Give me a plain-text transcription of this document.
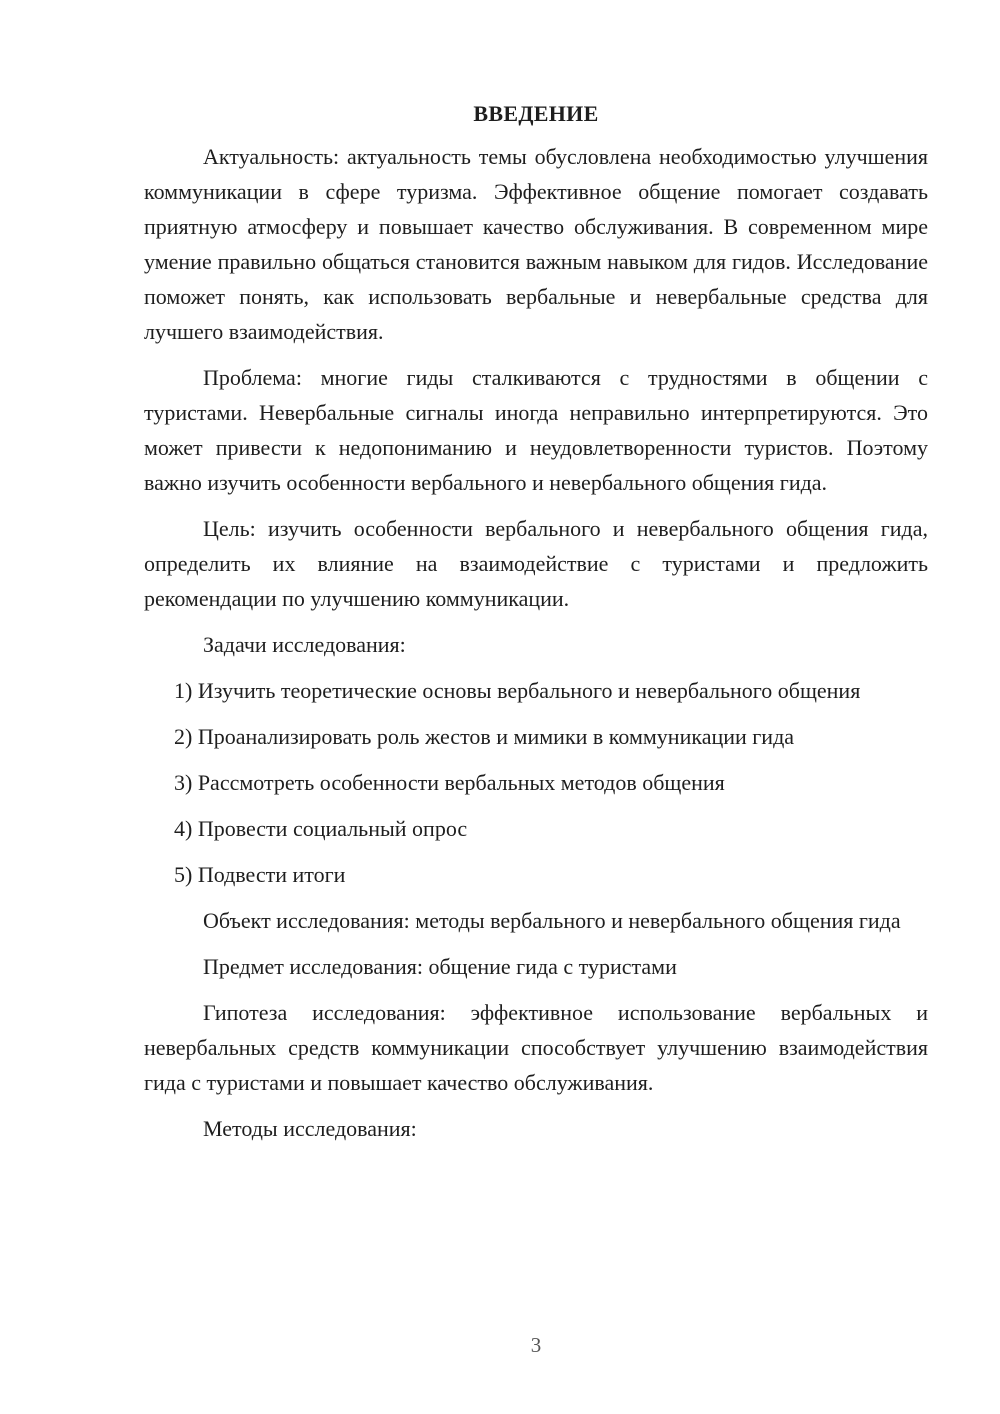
ВВЕДЕНИЕ

Актуальность: актуальность темы обусловлена необходимостью улучшения коммуникации в сфере туризма. Эффективное общение помогает создавать приятную атмосферу и повышает качество обслуживания. В современном мире умение правильно общаться становится важным навыком для гидов. Исследование поможет понять, как использовать вербальные и невербальные средства для лучшего взаимодействия.

Проблема: многие гиды сталкиваются с трудностями в общении с туристами. Невербальные сигналы иногда неправильно интерпретируются. Это может привести к недопониманию и неудовлетворенности туристов. Поэтому важно изучить особенности вербального и невербального общения гида.

Цель: изучить особенности вербального и невербального общения гида, определить их влияние на взаимодействие с туристами и предложить рекомендации по улучшению коммуникации.

Задачи исследования:

1) Изучить теоретические основы вербального и невербального общения

2) Проанализировать роль жестов и мимики в коммуникации гида

3) Рассмотреть особенности вербальных методов общения

4) Провести социальный опрос

5) Подвести итоги

Объект исследования: методы вербального и невербального общения гида

Предмет исследования: общение гида с туристами

Гипотеза исследования: эффективное использование вербальных и невербальных средств коммуникации способствует улучшению взаимодействия гида с туристами и повышает качество обслуживания.

Методы исследования:

3
